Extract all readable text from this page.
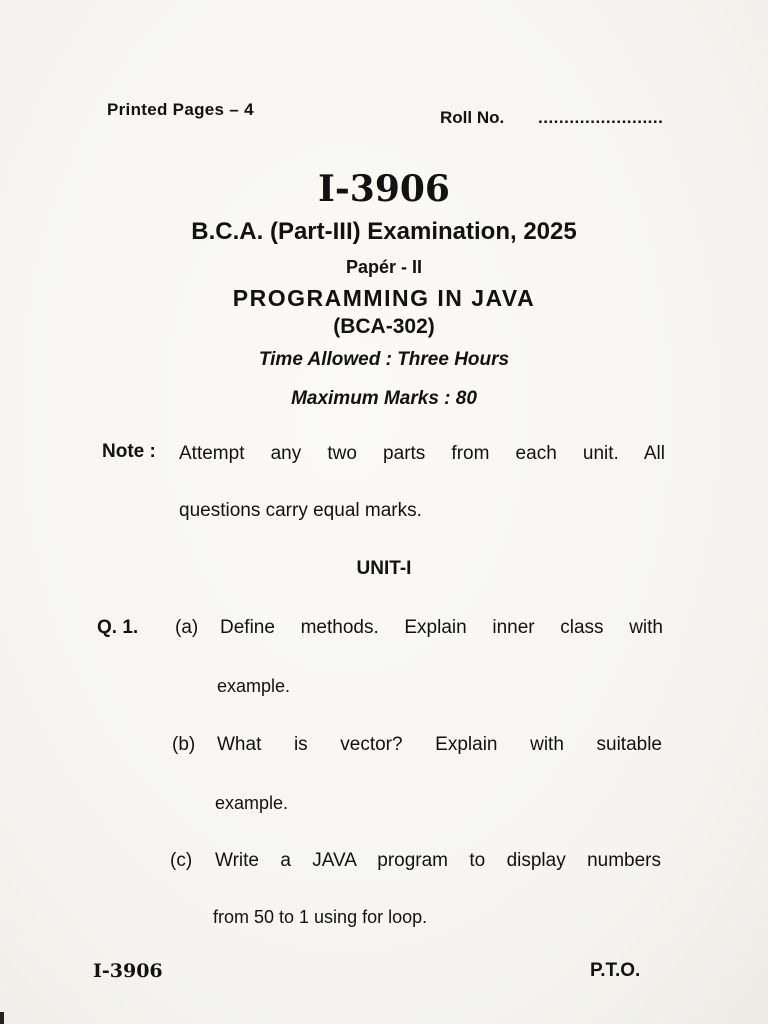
Printed Pages – 4	Roll No. ........................
I-3906
B.C.A. (Part-III) Examination, 2025
Papér - II
PROGRAMMING IN JAVA
(BCA-302)
Time Allowed : Three Hours
Maximum Marks : 80
Note : Attempt any two parts from each unit. All
questions carry equal marks.
UNIT-I
Q. 1. (a) Define methods. Explain inner class with
example.
(b) What is vector? Explain with suitable
example.
(c) Write a JAVA program to display numbers
from 50 to 1 using for loop.
I-3906	P.T.O.
